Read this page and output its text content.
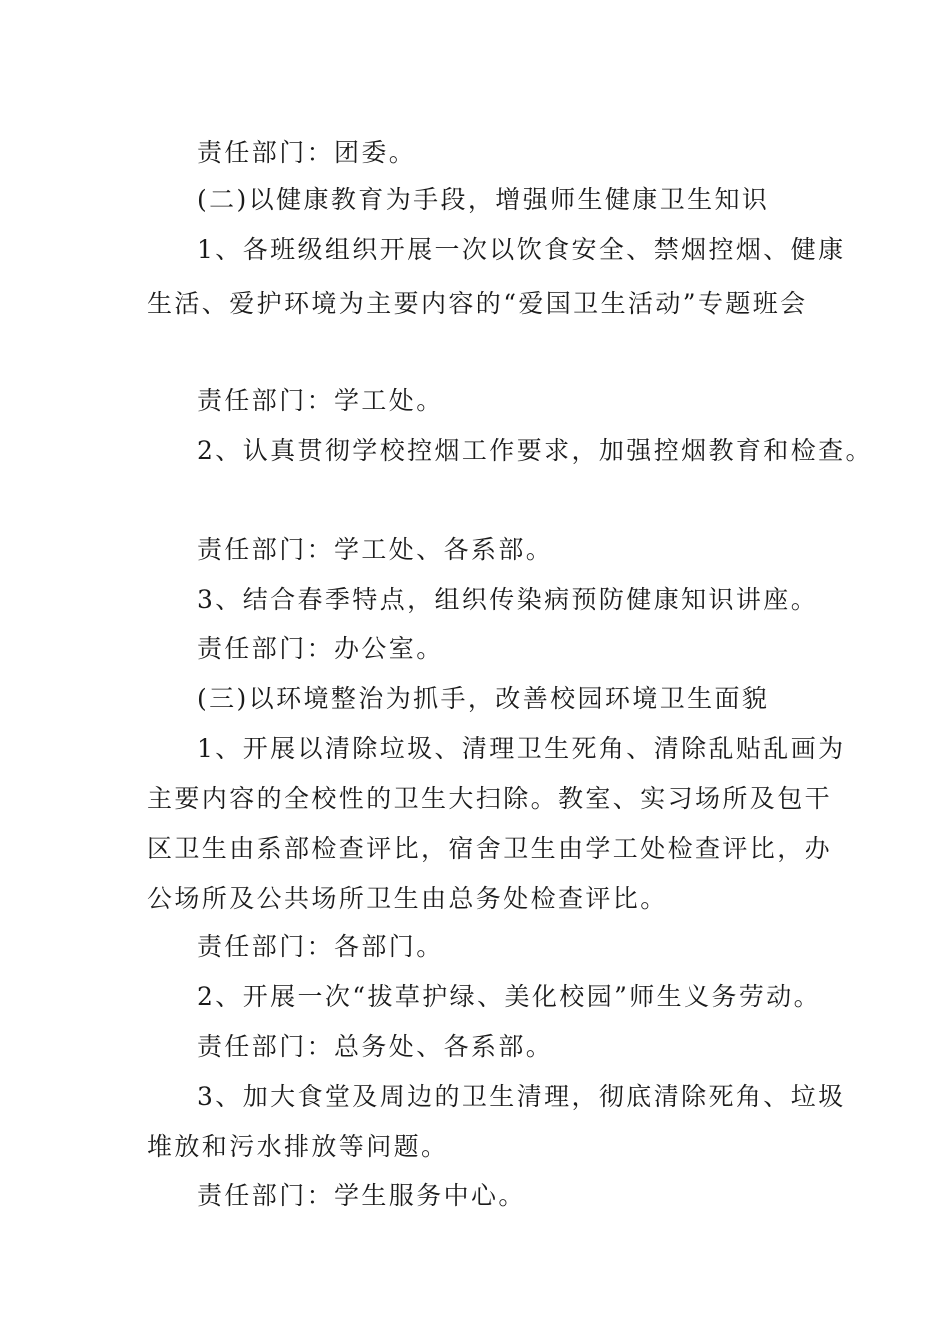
责任部门：团委。
(二)以健康教育为手段，增强师生健康卫生知识
1、各班级组织开展一次以饮食安全、禁烟控烟、健康
生活、爱护环境为主要内容的“爱国卫生活动”专题班会
责任部门：学工处。
2、认真贯彻学校控烟工作要求，加强控烟教育和检查。
责任部门：学工处、各系部。
3、结合春季特点，组织传染病预防健康知识讲座。
责任部门：办公室。
(三)以环境整治为抓手，改善校园环境卫生面貌
1、开展以清除垃圾、清理卫生死角、清除乱贴乱画为
主要内容的全校性的卫生大扫除。教室、实习场所及包干
区卫生由系部检查评比，宿舍卫生由学工处检查评比，办
公场所及公共场所卫生由总务处检查评比。
责任部门：各部门。
2、开展一次“拔草护绿、美化校园”师生义务劳动。
责任部门：总务处、各系部。
3、加大食堂及周边的卫生清理，彻底清除死角、垃圾
堆放和污水排放等问题。
责任部门：学生服务中心。
